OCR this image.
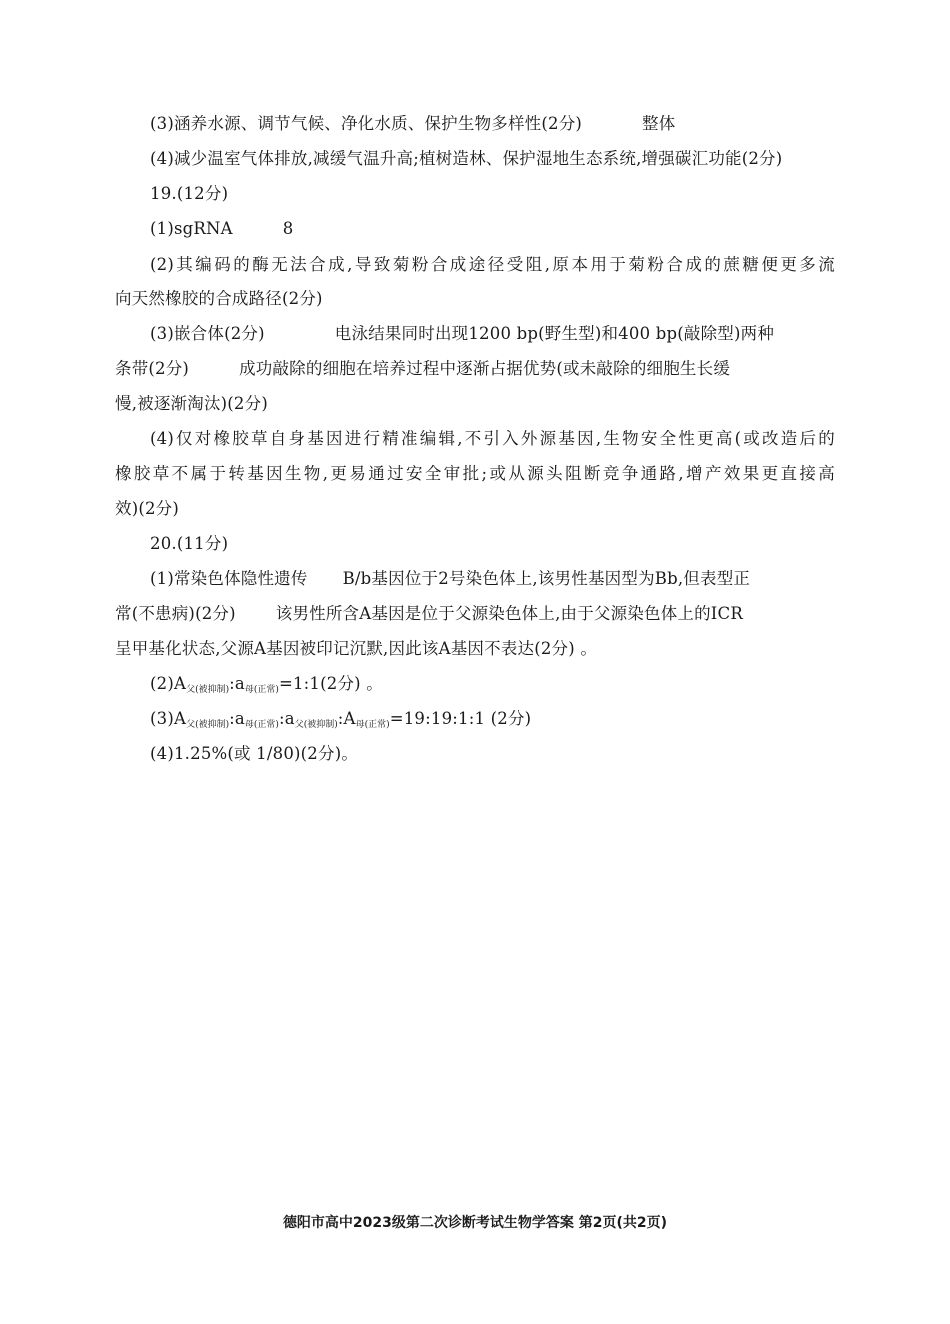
(3)涵养水源、调节气候、净化水质、保护生物多样性(2分)	整体
(4)减少温室气体排放,减缓气温升高;植树造林、保护湿地生态系统,增强碳汇功能(2分)
19.(12分)
(1)sgRNA	8
(2)其编码的酶无法合成,导致菊粉合成途径受阻,原本用于菊粉合成的蔗糖便更多流
向天然橡胶的合成路径(2分)
(3)嵌合体(2分)	电泳结果同时出现1200 bp(野生型)和400 bp(敲除型)两种
条带(2分)	成功敲除的细胞在培养过程中逐渐占据优势(或未敲除的细胞生长缓
慢,被逐渐淘汰)(2分)
(4)仅对橡胶草自身基因进行精准编辑,不引入外源基因,生物安全性更高(或改造后的
橡胶草不属于转基因生物,更易通过安全审批;或从源头阻断竞争通路,增产效果更直接高
效)(2分)
20.(11分)
(1)常染色体隐性遗传 B/b基因位于2号染色体上,该男性基因型为Bb,但表型正
常(不患病)(2分) 该男性所含A基因是位于父源染色体上,由于父源染色体上的ICR
呈甲基化状态,父源A基因被印记沉默,因此该A基因不表达(2分) 。
$(2)A_{父(被抑制)}:a_{母(正常)}=1:1(2$分) 。
$(3)A_{父(被抑制)}:a_{母(正常)}:a_{父(被抑制)}:A_{母(正常)}=19:19:1:1$ (2分)
(4)1.25%(或 1/80)(2分)。
德阳市高中2023级第二次诊断考试生物学答案 第2页(共2页)
